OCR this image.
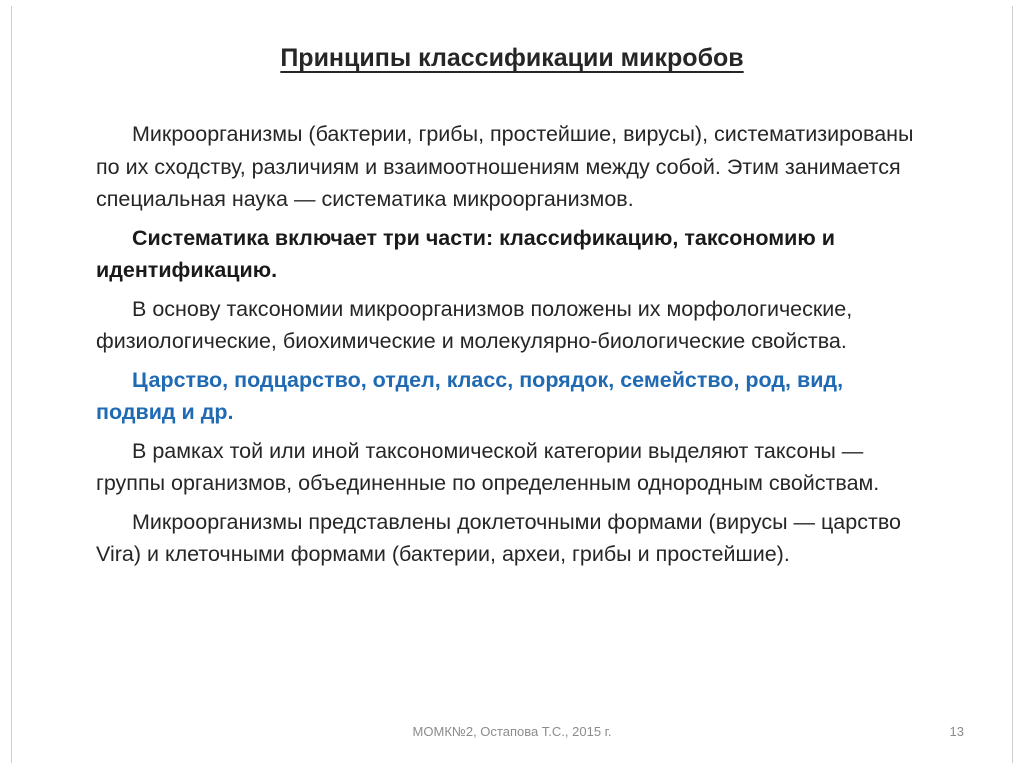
Принципы классификации микробов

Микроорганизмы (бактерии, грибы, простейшие, вирусы), систематизированы по их сходству, различиям и взаимоотношениям между собой. Этим занимается специальная наука — систематика микроорганизмов.

Систематика включает три части: классификацию, таксономию и идентификацию.

В основу таксономии микроорганизмов положены их морфологические, физиологические, биохимические и молекулярно-биологические свойства.

Царство, подцарство, отдел, класс, порядок, семейство, род, вид, подвид и др.

В рамках той или иной таксономической категории выделяют таксоны — группы организмов, объединенные по определенным однородным свойствам.

Микроорганизмы представлены доклеточными формами (вирусы — царство Vira) и клеточными формами (бактерии, археи, грибы и простейшие).

МОМК№2, Остапова Т.С., 2015 г.	13
